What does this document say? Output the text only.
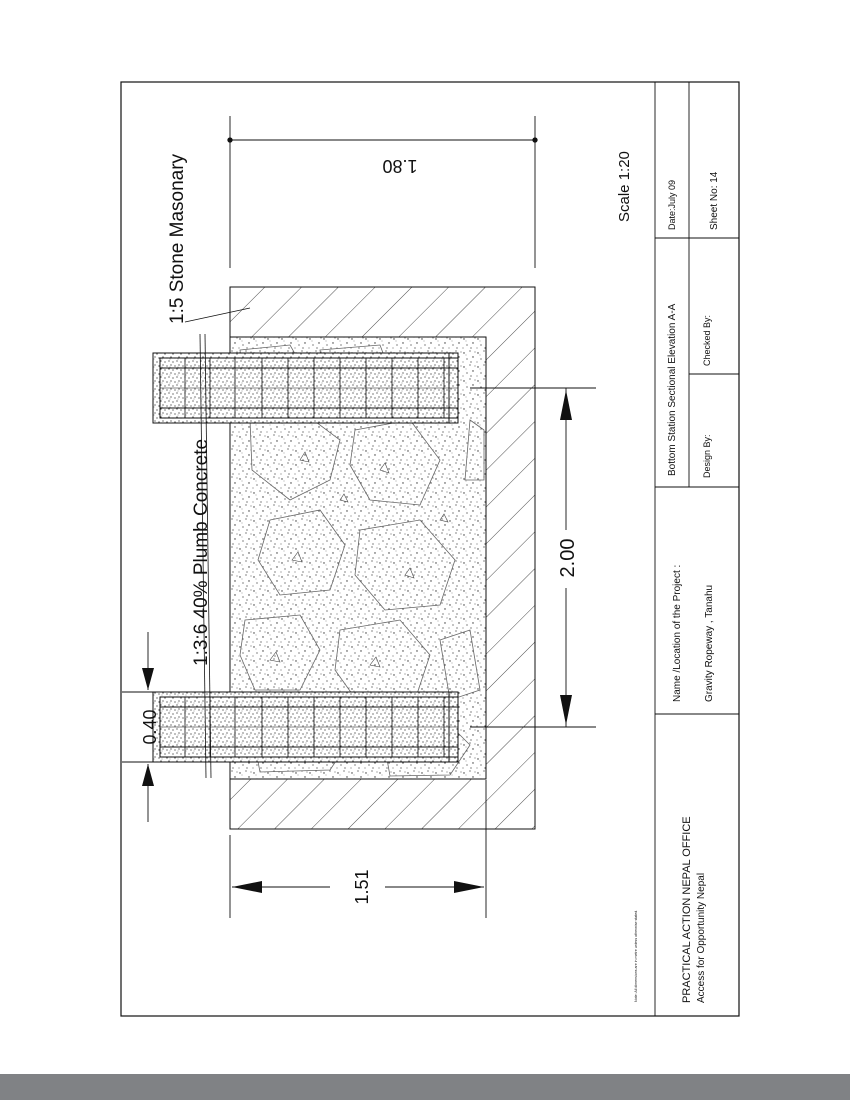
Date:July 09	Sheet No: 14
Bottom Station Sectional Elevation A-A	Checked By:
Design By:
Name /Location of the Project : Gravity Ropeway , Tanahu
PRACTICAL ACTION NEPAL OFFICE Access for Opportunity Nepal
1.80
2.00
0.40
1.51
1:5 Stone Masonary
1:3:6 40% Plumb Concrete
Scale 1:20
Note: All dimensions are in metre unless otherwise stated.
